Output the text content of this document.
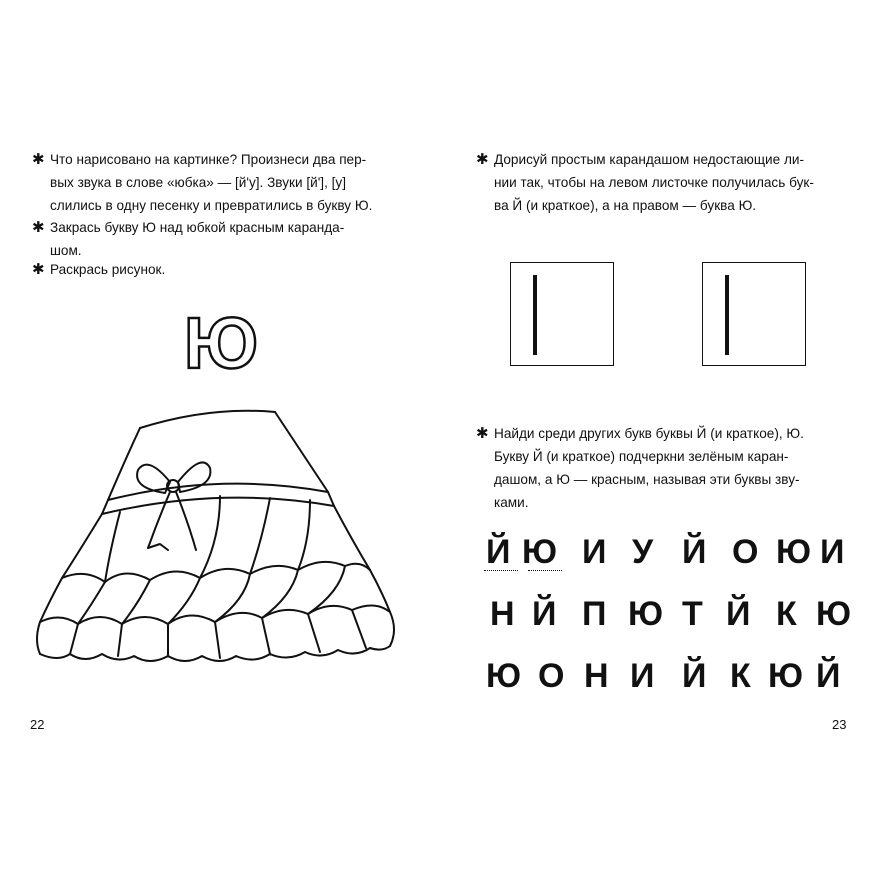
✱ Что нарисовано на картинке? Произнеси два пер-
вых звука в слове «юбка» — [й'у]. Звуки [й'], [у]
слились в одну песенку и превратились в букву Ю.
✱ Закрась букву Ю над юбкой красным каранда-
шом.
✱ Раскрась рисунок.
Ю
22
✱ Дорисуй простым карандашом недостающие ли-
нии так, чтобы на левом листочке получилась бук-
ва Й (и краткое), а на правом — буква Ю.
✱ Найди среди других букв буквы Й (и краткое), Ю.
Букву Й (и краткое) подчеркни зелёным каран-
дашом, а Ю — красным, называя эти буквы зву-
ками.
23
Й Ю И У Й О Ю И
Н Й П Ю Т Й К Ю
Ю О Н И Й К Ю Й
